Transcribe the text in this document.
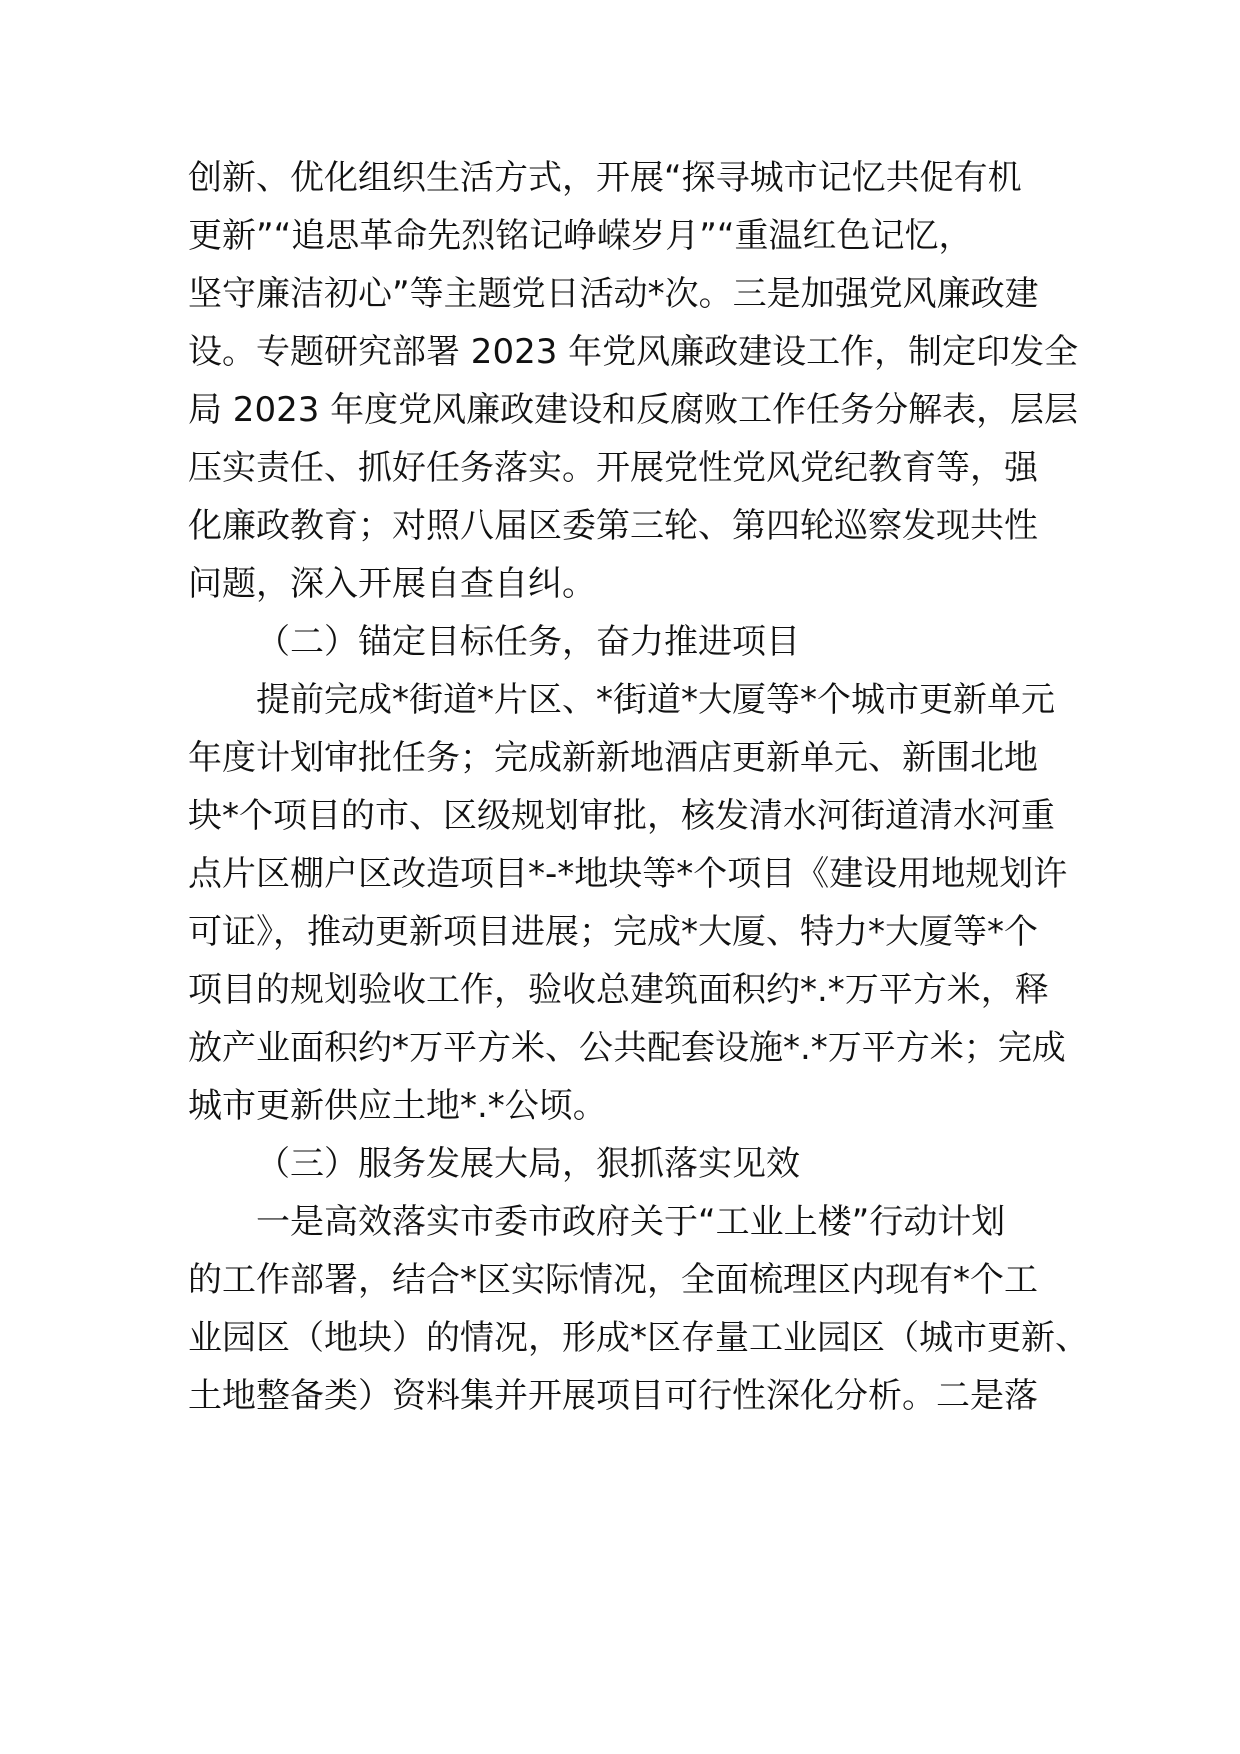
创新、优化组织生活方式，开展“探寻城市记忆共促有机

更新”“追思革命先烈铭记峥嵘岁月”“重温红色记忆，

坚守廉洁初心”等主题党日活动*次。三是加强党风廉政建

设。专题研究部署 2023 年党风廉政建设工作，制定印发全

局 2023 年度党风廉政建设和反腐败工作任务分解表，层层

压实责任、抓好任务落实。开展党性党风党纪教育等，强

化廉政教育；对照八届区委第三轮、第四轮巡察发现共性

问题，深入开展自查自纠。

（二）锚定目标任务，奋力推进项目

提前完成*街道*片区、*街道*大厦等*个城市更新单元

年度计划审批任务；完成新新地酒店更新单元、新围北地

块*个项目的市、区级规划审批，核发清水河街道清水河重

点片区棚户区改造项目*-*地块等*个项目《建设用地规划许

可证》，推动更新项目进展；完成*大厦、特力*大厦等*个

项目的规划验收工作，验收总建筑面积约*.*万平方米，释

放产业面积约*万平方米、公共配套设施*.*万平方米；完成

城市更新供应土地*.*公顷。

（三）服务发展大局，狠抓落实见效

一是高效落实市委市政府关于“工业上楼”行动计划

的工作部署，结合*区实际情况，全面梳理区内现有*个工

业园区（地块）的情况，形成*区存量工业园区（城市更新、

土地整备类）资料集并开展项目可行性深化分析。二是落
